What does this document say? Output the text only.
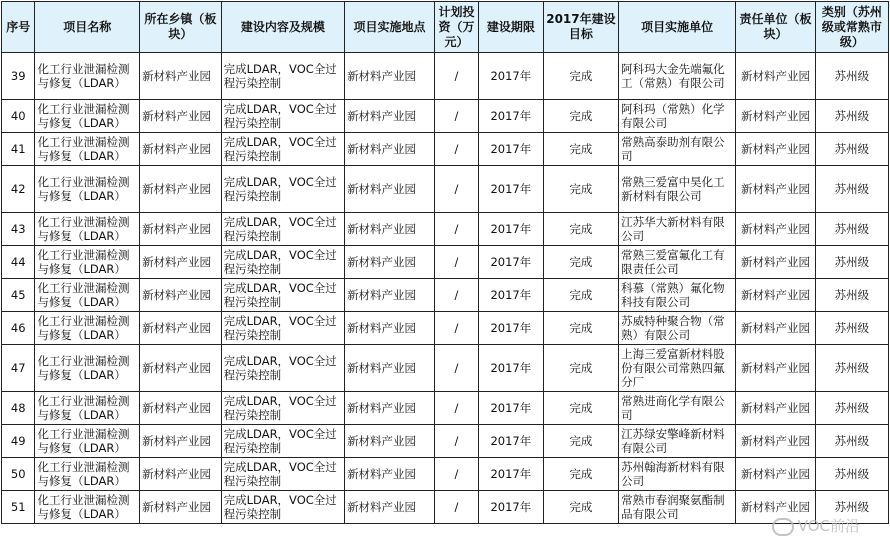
序号	项目名称	所在乡镇（板块）	建设内容及规模	项目实施地点	计划投资（万元）	建设期限	2017年建设目标	项目实施单位	责任单位（板块）	类别（苏州级或常熟市级）
39	化工行业泄漏检测与修复（LDAR）	新材料产业园	完成LDAR，VOC全过程污染控制	新材料产业园	/	2017年	完成	阿科玛大金先端氟化工（常熟）有限公司	新材料产业园	苏州级
40	化工行业泄漏检测与修复（LDAR）	新材料产业园	完成LDAR，VOC全过程污染控制	新材料产业园	/	2017年	完成	阿科玛（常熟）化学有限公司	新材料产业园	苏州级
41	化工行业泄漏检测与修复（LDAR）	新材料产业园	完成LDAR，VOC全过程污染控制	新材料产业园	/	2017年	完成	常熟高泰助剂有限公司	新材料产业园	苏州级
42	化工行业泄漏检测与修复（LDAR）	新材料产业园	完成LDAR，VOC全过程污染控制	新材料产业园	/	2017年	完成	常熟三爱富中昊化工新材料有限公司	新材料产业园	苏州级
43	化工行业泄漏检测与修复（LDAR）	新材料产业园	完成LDAR，VOC全过程污染控制	新材料产业园	/	2017年	完成	江苏华大新材料有限公司	新材料产业园	苏州级
44	化工行业泄漏检测与修复（LDAR）	新材料产业园	完成LDAR，VOC全过程污染控制	新材料产业园	/	2017年	完成	常熟三爱富氟化工有限责任公司	新材料产业园	苏州级
45	化工行业泄漏检测与修复（LDAR）	新材料产业园	完成LDAR，VOC全过程污染控制	新材料产业园	/	2017年	完成	科慕（常熟）氟化物科技有限公司	新材料产业园	苏州级
46	化工行业泄漏检测与修复（LDAR）	新材料产业园	完成LDAR，VOC全过程污染控制	新材料产业园	/	2017年	完成	苏威特种聚合物（常熟）有限公司	新材料产业园	苏州级
47	化工行业泄漏检测与修复（LDAR）	新材料产业园	完成LDAR，VOC全过程污染控制	新材料产业园	/	2017年	完成	上海三爱富新材料股份有限公司常熟四氟分厂	新材料产业园	苏州级
48	化工行业泄漏检测与修复（LDAR）	新材料产业园	完成LDAR，VOC全过程污染控制	新材料产业园	/	2017年	完成	常熟进商化学有限公司	新材料产业园	苏州级
49	化工行业泄漏检测与修复（LDAR）	新材料产业园	完成LDAR，VOC全过程污染控制	新材料产业园	/	2017年	完成	江苏绿安擎峰新材料有限公司	新材料产业园	苏州级
50	化工行业泄漏检测与修复（LDAR）	新材料产业园	完成LDAR，VOC全过程污染控制	新材料产业园	/	2017年	完成	苏州翰海新材料有限公司	新材料产业园	苏州级
51	化工行业泄漏检测与修复（LDAR）	新材料产业园	完成LDAR，VOC全过程污染控制	新材料产业园	/	2017年	完成	常熟市春润聚氨酯制品有限公司	新材料产业园	苏州级
VOC前沿
